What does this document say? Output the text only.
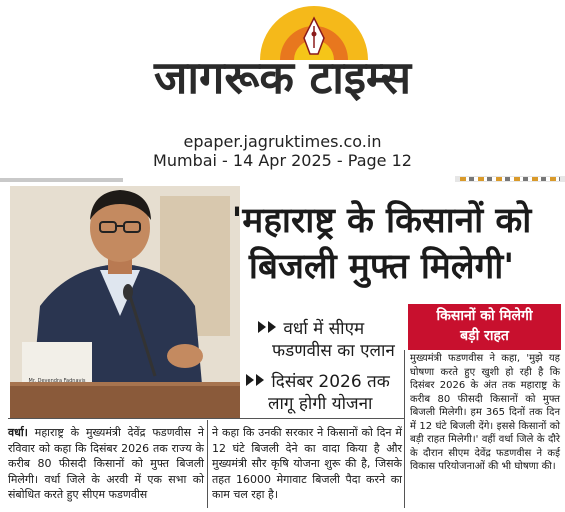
जागरूक टाइम्स
epaper.jagruktimes.co.in
Mumbai - 14 Apr 2025 - Page 12
Mr. Devendra Fadnavis
'महाराष्ट्र के किसानों को
बिजली मुफ्त मिलेगी'
वर्धा में सीएम
फडणवीस का एलान
दिसंबर 2026 तक
लागू होगी योजना
किसानों को मिलेगी
बड़ी राहत
वर्धा। महाराष्ट्र के मुख्यमंत्री देवेंद्र फडणवीस ने रविवार को कहा कि दिसंबर 2026 तक राज्य के करीब 80 फीसदी किसानों को मुफ्त बिजली मिलेगी। वर्धा जिले के अरवी में एक सभा को संबोधित करते हुए सीएम फडणवीस
ने कहा कि उनकी सरकार ने किसानों को दिन में 12 घंटे बिजली देने का वादा किया है और मुख्यमंत्री सौर कृषि योजना शुरू की है, जिसके तहत 16000 मेगावाट बिजली पैदा करने का काम चल रहा है।
मुख्यमंत्री फडणवीस ने कहा, 'मुझे यह घोषणा करते हुए खुशी हो रही है कि दिसंबर 2026 के अंत तक महाराष्ट्र के करीब 80 फीसदी किसानों को मुफ्त बिजली मिलेगी। हम 365 दिनों तक दिन में 12 घंटे बिजली देंगे। इससे किसानों को बड़ी राहत मिलेगी।' वहीं वर्धा जिले के दौरे के दौरान सीएम देवेंद्र फडणवीस ने कई विकास परियोजनाओं की भी घोषणा की।
